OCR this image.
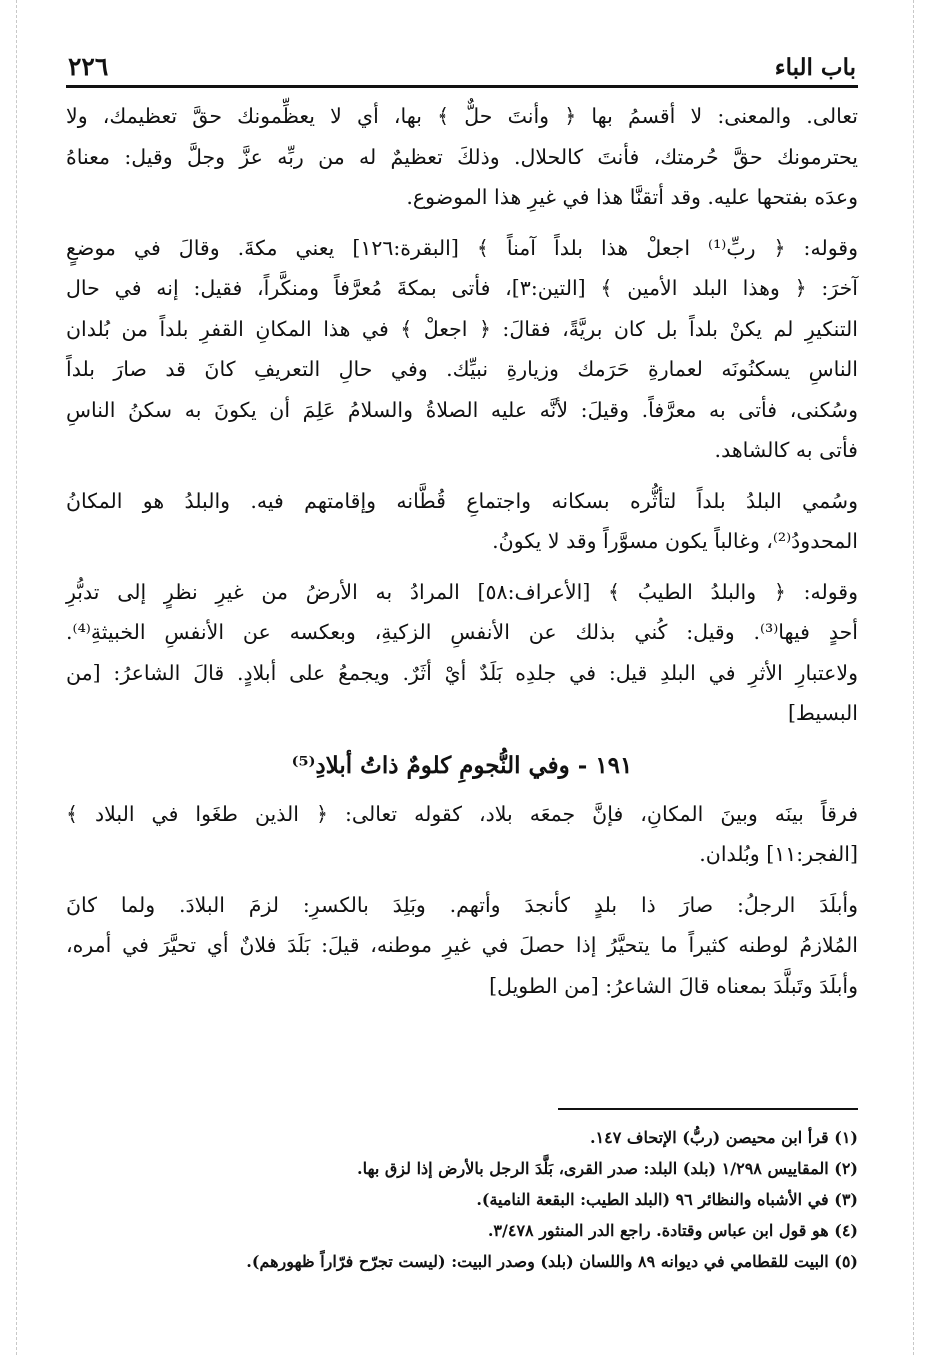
باب الباء
٢٢٦

تعالى. والمعنى: لا أقسمُ بها ﴿ وأنتَ حلٌّ ﴾ بها، أي لا يعظِّمونك حقَّ تعظيمك، ولا
يحترمونك حقَّ حُرمتك، فأنتَ كالحلال. وذلكَ تعظيمٌ له من ربِّه عزَّ وجلَّ وقيل: معناهُ
وعدَه بفتحها عليه. وقد أتقنَّا هذا في غيرِ هذا الموضوع.

وقوله: ﴿ ربِّ⁽¹⁾ اجعلْ هذا بلداً آمناً ﴾ [البقرة:١٢٦] يعني مكةَ. وقالَ في موضعٍ
آخرَ: ﴿ وهذا البلد الأمين ﴾ [التين:٣]، فأتى بمكةَ مُعرَّفاً ومنكَّراً، فقيل: إنه في حال
التنكيرِ لم يكنْ بلداً بل كان بريَّةً، فقالَ: ﴿ اجعلْ ﴾ في هذا المكانِ القفرِ بلداً من بُلدان
الناسِ يسكنُونَه لعمارةِ حَرَمك وزيارةِ نبيِّك. وفي حالِ التعريفِ كانَ قد صارَ بلداً
وسُكنى، فأتى به معرَّفاً. وقيلَ: لأنَّه عليه الصلاةُ والسلامُ عَلِمَ أن يكونَ به سكنُ الناسِ
فأتى به كالشاهد.

وسُمي البلدُ بلداً لتأثُّره بسكانه واجتماعِ قُطَّانه وإقامتهم فيه. والبلدُ هو المكانُ
المحدودُ⁽²⁾، وغالباً يكون مسوَّراً وقد لا يكونُ.

وقوله: ﴿ والبلدُ الطيبُ ﴾ [الأعراف:٥٨] المرادُ به الأرضُ من غيرِ نظرٍ إلى تدبُّرِ
أحدٍ فيها⁽³⁾. وقيل: كُني بذلك عن الأنفسِ الزكيةِ، وبعكسه عن الأنفسِ الخبيثةِ⁽⁴⁾.
ولاعتبارِ الأثرِ في البلدِ قيل: في جلدِه بَلَدٌ أيْ أثَرٌ. ويجمعُ على أبلادٍ. قالَ الشاعرُ: [من
البسيط]

١٩١ - وفي النُّجومِ كلومٌ ذاتُ أبلادِ⁽⁵⁾

فرقاً بينَه وبينَ المكانِ، فإنَّ جمعَه بلاد، كقوله تعالى: ﴿ الذين طغَوا في البلاد ﴾
[الفجر:١١] وبُلدان.

وأبلَدَ الرجلُ: صارَ ذا بلدٍ كأنجدَ وأتهم. وبَلِدَ بالكسرِ: لزمَ البلادَ. ولما كانَ
المُلازمُ لوطنه كثيراً ما يتحيَّرُ إذا حصلَ في غيرِ موطنه، قيلَ: بَلَدَ فلانٌ أي تحيَّرَ في أمره،
وأبلَدَ وتَبلَّدَ بمعناه قالَ الشاعرُ: [من الطويل]

(١) قرأ ابن محيصن (ربُّ) الإتحاف ١٤٧.
(٢) المقاييس ١/٢٩٨ (بلد) البلد: صدر القرى، بَلَّدَ الرجل بالأرض إذا لزق بها.
(٣) في الأشباه والنظائر ٩٦ (البلد الطيب: البقعة النامية).
(٤) هو قول ابن عباس وقتادة. راجع الدر المنثور ٣/٤٧٨.
(٥) البيت للقطامي في ديوانه ٨٩ واللسان (بلد) وصدر البيت: (ليست تجرّح فرّاراً ظهورهم).
